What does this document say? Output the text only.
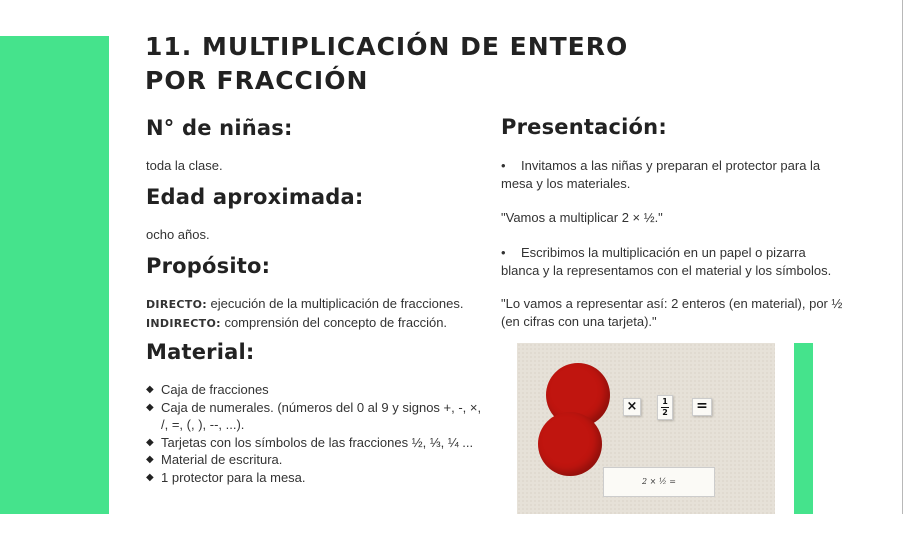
11. MULTIPLICACIÓN DE ENTERO
POR FRACCIÓN
N° de niñas:

toda la clase.

Edad aproximada:

ocho años.

Propósito:

DIRECTO: ejecución de la multiplicación de fracciones.
INDIRECTO: comprensión del concepto de fracción.

Material:
◆ Caja de fracciones
◆ Caja de numerales. (números del 0 al 9 y signos +, -, ×, /, =, (, ), --, ...).
◆ Tarjetas con los símbolos de las fracciones ½, ⅓, ¼ ...
◆ Material de escritura.
◆ 1 protector para la mesa.
Presentación:

• Invitamos a las niñas y preparan el protector para la mesa y los materiales.

"Vamos a multiplicar 2 × ½."

• Escribimos la multiplicación en un papel o pizarra blanca y la representamos con el material y los símbolos.

"Lo vamos a representar así: 2 enteros (en material), por ½ (en cifras con una tarjeta)."

×	1
2	=
2 × ½ =
